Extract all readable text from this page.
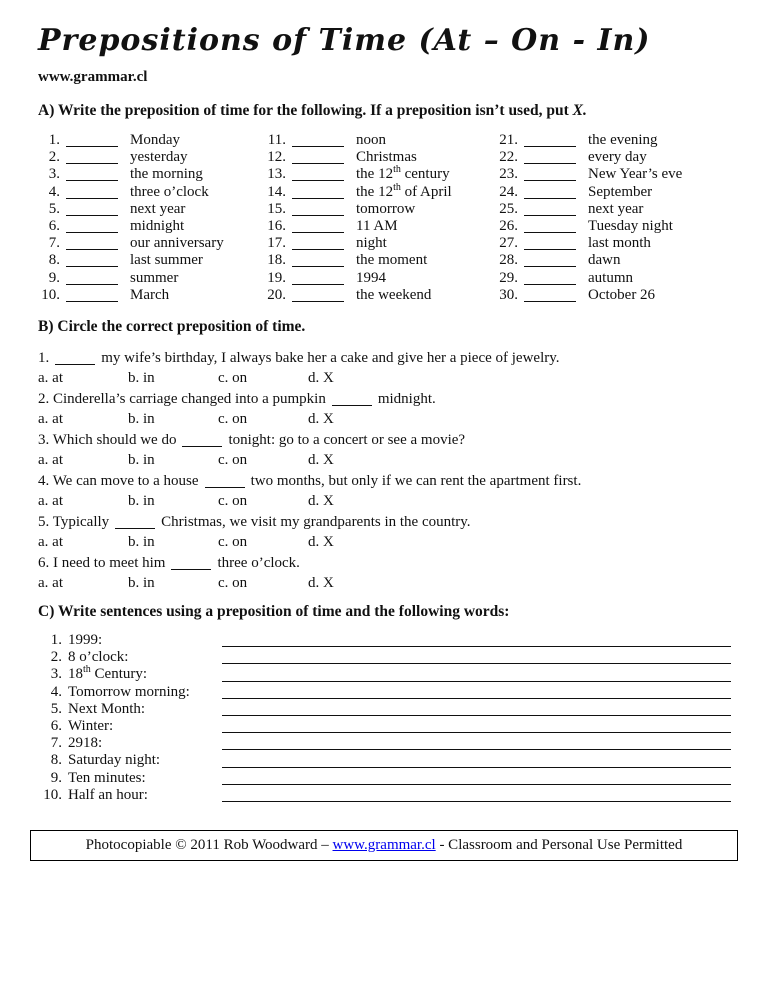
Prepositions of Time (At – On - In)
www.grammar.cl
A) Write the preposition of time for the following. If a preposition isn’t used, put X.
1.	Monday
2.	yesterday
3.	the morning
4.	three o’clock
5.	next year
6.	midnight
7.	our anniversary
8.	last summer
9.	summer
10.	March
11.	noon
12.	Christmas
13.	the 12th century
14.	the 12th of April
15.	tomorrow
16.	11 AM
17.	night
18.	the moment
19.	1994
20.	the weekend
21.	the evening
22.	every day
23.	New Year’s eve
24.	September
25.	next year
26.	Tuesday night
27.	last month
28.	dawn
29.	autumn
30.	October 26
B) Circle the correct preposition of time.
1.	my wife’s birthday, I always bake her a cake and give her a piece of jewelry.
a. at	b. in	c. on	d. X
2. Cinderella’s carriage changed into a pumpkin	midnight.
a. at	b. in	c. on	d. X
3. Which should we do	tonight: go to a concert or see a movie?
a. at	b. in	c. on	d. X
4. We can move to a house	two months, but only if we can rent the apartment first.
a. at	b. in	c. on	d. X
5. Typically	Christmas, we visit my grandparents in the country.
a. at	b. in	c. on	d. X
6. I need to meet him	three o’clock.
a. at	b. in	c. on	d. X
C) Write sentences using a preposition of time and the following words:
1. 1999:
2. 8 o’clock:
3. 18th Century:
4. Tomorrow morning:
5. Next Month:
6. Winter:
7. 2918:
8. Saturday night:
9. Ten minutes:
10. Half an hour:
Photocopiable © 2011 Rob Woodward – www.grammar.cl - Classroom and Personal Use Permitted
